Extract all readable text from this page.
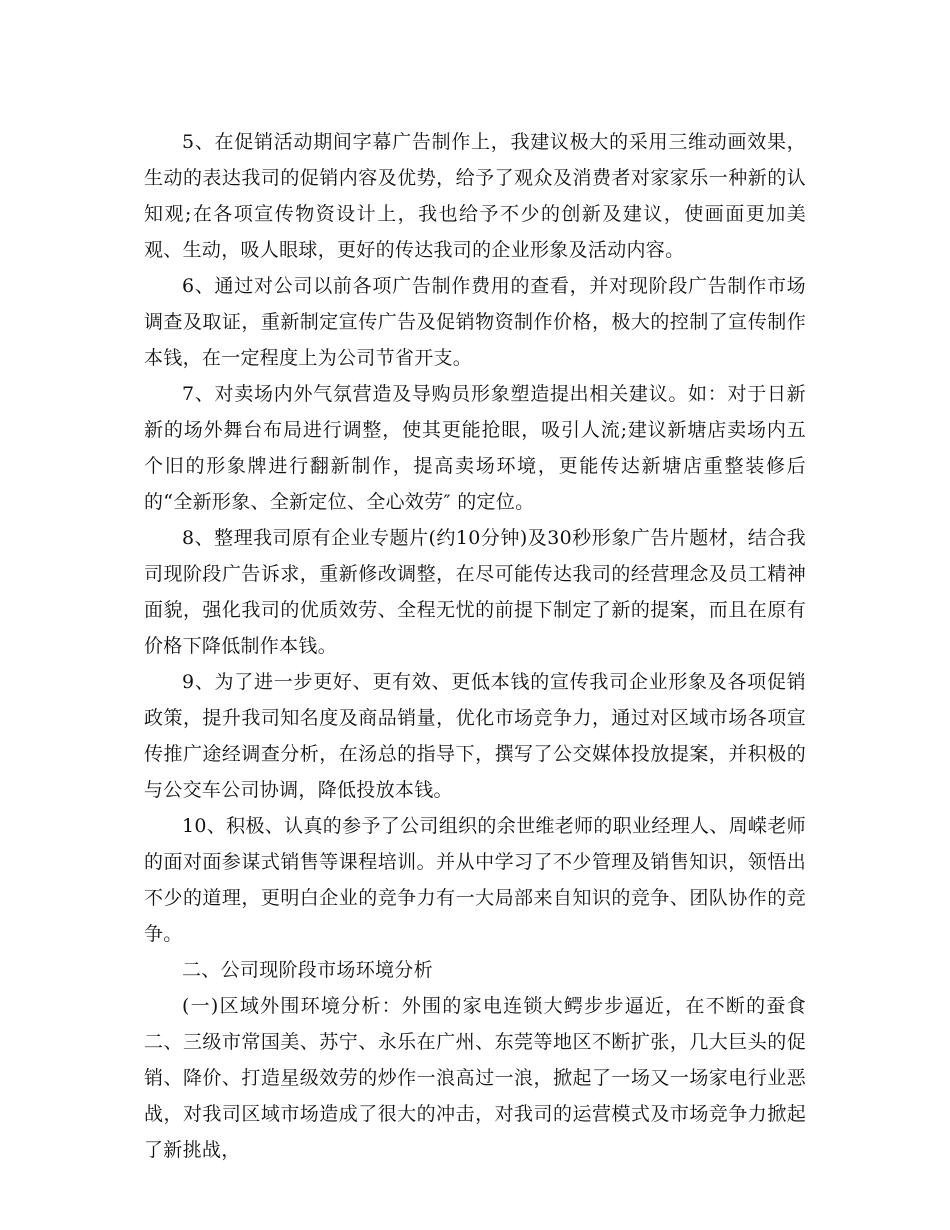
5、在促销活动期间字幕广告制作上，我建议极大的采用三维动画效果，生动的表达我司的促销内容及优势，给予了观众及消费者对家家乐一种新的认知观;在各项宣传物资设计上，我也给予不少的创新及建议，使画面更加美观、生动，吸人眼球，更好的传达我司的企业形象及活动内容。

6、通过对公司以前各项广告制作费用的查看，并对现阶段广告制作市场调查及取证，重新制定宣传广告及促销物资制作价格，极大的控制了宣传制作本钱，在一定程度上为公司节省开支。

7、对卖场内外气氛营造及导购员形象塑造提出相关建议。如：对于日新新的场外舞台布局进行调整，使其更能抢眼，吸引人流;建议新塘店卖场内五个旧的形象牌进行翻新制作，提高卖场环境，更能传达新塘店重整装修后的“全新形象、全新定位、全心效劳″ 的定位。

8、整理我司原有企业专题片(约10分钟)及30秒形象广告片题材，结合我司现阶段广告诉求，重新修改调整，在尽可能传达我司的经营理念及员工精神面貌，强化我司的优质效劳、全程无忧的前提下制定了新的提案，而且在原有价格下降低制作本钱。

9、为了进一步更好、更有效、更低本钱的宣传我司企业形象及各项促销政策，提升我司知名度及商品销量，优化市场竞争力，通过对区域市场各项宣传推广途经调查分析，在汤总的指导下，撰写了公交媒体投放提案，并积极的与公交车公司协调，降低投放本钱。

10、积极、认真的参予了公司组织的余世维老师的职业经理人、周嵘老师的面对面参谋式销售等课程培训。并从中学习了不少管理及销售知识，领悟出不少的道理，更明白企业的竞争力有一大局部来自知识的竞争、团队协作的竞争。

二、公司现阶段市场环境分析

(一)区域外围环境分析：外围的家电连锁大鳄步步逼近，在不断的蚕食二、三级市常国美、苏宁、永乐在广州、东莞等地区不断扩张，几大巨头的促销、降价、打造星级效劳的炒作一浪高过一浪，掀起了一场又一场家电行业恶战，对我司区域市场造成了很大的冲击，对我司的运营模式及市场竞争力掀起了新挑战，
